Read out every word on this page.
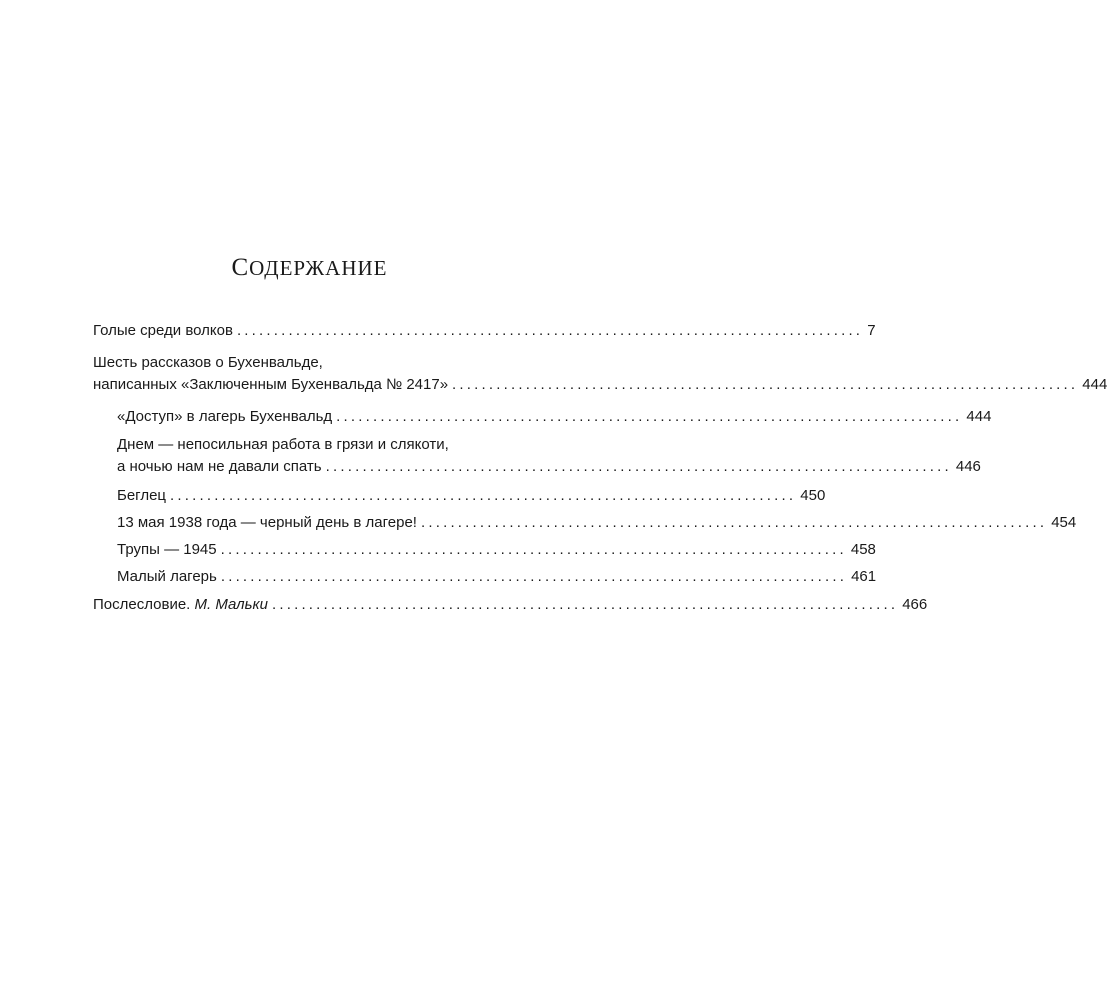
СОДЕРЖАНИЕ
Голые среди волков ..................................................................................... 7
Шесть рассказов о Бухенвальде,
написанных «Заключенным Бухенвальда № 2417» ..................................................................................... 444
«Доступ» в лагерь Бухенвальд ..................................................................................... 444
Днем — непосильная работа в грязи и слякоти,
а ночью нам не давали спать ..................................................................................... 446
Беглец ..................................................................................... 450
13 мая 1938 года — черный день в лагере! ..................................................................................... 454
Трупы — 1945 ..................................................................................... 458
Малый лагерь ..................................................................................... 461
Послесловие. М. Мальки ..................................................................................... 466
